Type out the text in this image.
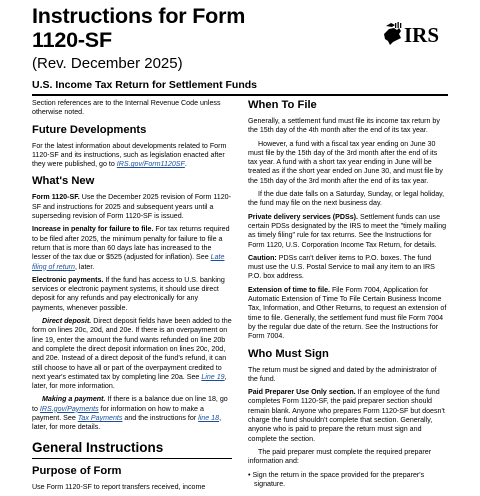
Instructions for Form
1120-SF
(Rev. December 2025)
U.S. Income Tax Return for Settlement Funds
IRS

Section references are to the Internal Revenue Code unless otherwise noted.

Future Developments

For the latest information about developments related to Form 1120-SF and its instructions, such as legislation enacted after they were published, go to IRS.gov/Form1120SF.

What's New

Form 1120-SF. Use the December 2025 revision of Form 1120-SF and instructions for 2025 and subsequent years until a superseding revision of Form 1120-SF is issued.

Increase in penalty for failure to file. For tax returns required to be filed after 2025, the minimum penalty for failure to file a return that is more than 60 days late has increased to the lesser of the tax due or $525 (adjusted for inflation). See Late filing of return, later.

Electronic payments. If the fund has access to U.S. banking services or electronic payment systems, it should use direct deposit for any refunds and pay electronically for any payments, whenever possible.

Direct deposit. Direct deposit fields have been added to the form on lines 20c, 20d, and 20e. If there is an overpayment on line 19, enter the amount the fund wants refunded on line 20b and complete the direct deposit information on lines 20c, 20d, and 20e. Instead of a direct deposit of the fund's refund, it can still choose to have all or part of the overpayment credited to next year's estimated tax by completing line 20a. See Line 19, later, for more information.

Making a payment. If there is a balance due on line 18, go to IRS.gov/Payments for information on how to make a payment. See Tax Payments and the instructions for line 18, later, for more details.

General Instructions
Purpose of Form

Use Form 1120-SF to report transfers received, income

When To File

Generally, a settlement fund must file its income tax return by the 15th day of the 4th month after the end of its tax year.

However, a fund with a fiscal tax year ending on June 30 must file by the 15th day of the 3rd month after the end of its tax year. A fund with a short tax year ending in June will be treated as if the short year ended on June 30, and must file by the 15th day of the 3rd month after the end of its tax year.

If the due date falls on a Saturday, Sunday, or legal holiday, the fund may file on the next business day.

Private delivery services (PDSs). Settlement funds can use certain PDSs designated by the IRS to meet the "timely mailing as timely filing" rule for tax returns. See the Instructions for Form 1120, U.S. Corporation Income Tax Return, for details.

Caution: PDSs can't deliver items to P.O. boxes. The fund must use the U.S. Postal Service to mail any item to an IRS P.O. box address.

Extension of time to file. File Form 7004, Application for Automatic Extension of Time To File Certain Business Income Tax, Information, and Other Returns, to request an extension of time to file. Generally, the settlement fund must file Form 7004 by the regular due date of the return. See the Instructions for Form 7004.

Who Must Sign

The return must be signed and dated by the administrator of the fund.

Paid Preparer Use Only section. If an employee of the fund completes Form 1120-SF, the paid preparer section should remain blank. Anyone who prepares Form 1120-SF but doesn't charge the fund shouldn't complete that section. Generally, anyone who is paid to prepare the return must sign and complete the section.

The paid preparer must complete the required preparer information and:

• Sign the return in the space provided for the preparer's signature.
